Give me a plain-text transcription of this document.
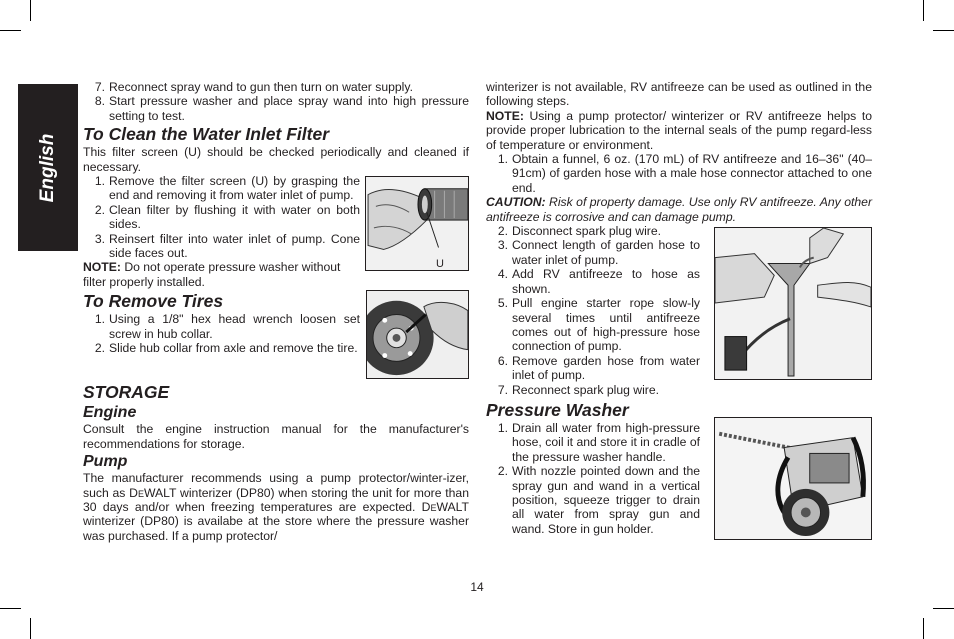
English
7. Reconnect spray wand to gun then turn on water supply.
8. Start pressure washer and place spray wand into high pressure setting to test.
To Clean the Water Inlet Filter

This filter screen (U) should be checked periodically and cleaned if necessary.

1. Remove the filter screen (U) by grasping the end and removing it from water inlet of pump.
2. Clean filter by flushing it with water on both sides.
3. Reinsert filter into water inlet of pump. Cone side faces out.

NOTE: Do not operate pressure washer without filter properly installed.

U
To Remove Tires
1. Using a 1/8" hex head wrench loosen set screw in hub collar.
2. Slide hub collar from axle and remove the tire.
STORAGE
Engine

Consult the engine instruction manual for the manufacturer's recommendations for storage.

Pump

The manufacturer recommends using a pump protector/winter-izer, such as DeWALT winterizer (DP80) when storing the unit for more than 30 days and/or when freezing temperatures are expected. DeWALT winterizer (DP80) is availabe at the store where the pressure washer was purchased. If a pump protector/

winterizer is not available, RV antifreeze can be used as outlined in the following steps.

NOTE: Using a pump protector/ winterizer or RV antifreeze helps to provide proper lubrication to the internal seals of the pump regard-less of temperature or environment.

1. Obtain a funnel, 6 oz. (170 mL) of RV antifreeze and 16–36" (40–91cm) of garden hose with a male hose connector attached to one end.

CAUTION: Risk of property damage. Use only RV antifreeze. Any other antifreeze is corrosive and can damage pump.

2. Disconnect spark plug wire.
3. Connect length of garden hose to water inlet of pump.
4. Add RV antifreeze to hose as shown.
5. Pull engine starter rope slow-ly several times until antifreeze comes out of high-pressure hose connection of pump.
6. Remove garden hose from water inlet of pump.
7. Reconnect spark plug wire.
Pressure Washer
1. Drain all water from high-pressure hose, coil it and store it in cradle of the pressure washer handle.
2. With nozzle pointed down and the spray gun and wand in a vertical position, squeeze trigger to drain all water from spray gun and wand. Store in gun holder.
14
